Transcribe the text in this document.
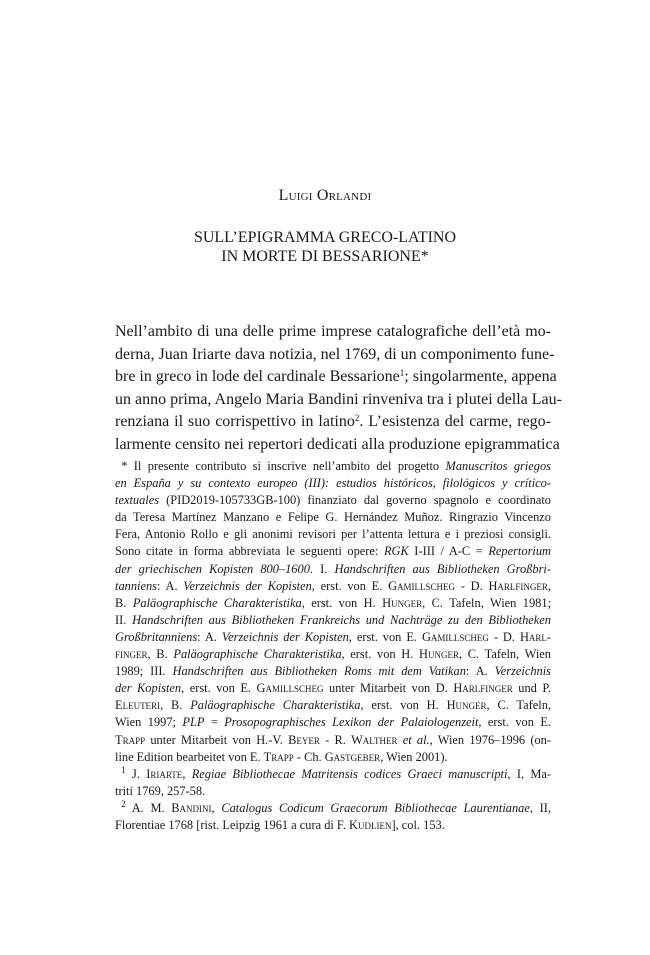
Luigi Orlandi
SULL’EPIGRAMMA GRECO-LATINO
IN MORTE DI BESSARIONE*
Nell’ambito di una delle prime imprese catalografiche dell’età mo-
derna, Juan Iriarte dava notizia, nel 1769, di un componimento fune-
bre in greco in lode del cardinale Bessarione$^1$; singolarmente, appena
un anno prima, Angelo Maria Bandini rinveniva tra i plutei della Lau-
renziana il suo corrispettivo in latino$^2$. L’esistenza del carme, rego-
larmente censito nei repertori dedicati alla produzione epigrammatica
 * Il presente contributo si inscrive nell’ambito del progetto Manuscritos griegos
en España y su contexto europeo (III): estudios históricos, filológicos y crítico-
textuales (PID2019-105733GB-100) finanziato dal governo spagnolo e coordinato
da Teresa Martínez Manzano e Felipe G. Hernández Muñoz. Ringrazio Vincenzo
Fera, Antonio Rollo e gli anonimi revisori per l’attenta lettura e i preziosi consigli.
Sono citate in forma abbreviata le seguenti opere: RGK I-III / A-C = Repertorium
der griechischen Kopisten 800–1600. I. Handschriften aus Bibliotheken Großbri-
tanniens: A. Verzeichnis der Kopisten, erst. von E. Gamillscheg - D. Harlfinger,
B. Paläographische Charakteristika, erst. von H. Hunger, C. Tafeln, Wien 1981;
II. Handschriften aus Bibliotheken Frankreichs und Nachträge zu den Bibliotheken
Großbritanniens: A. Verzeichnis der Kopisten, erst. von E. Gamillscheg - D. Harl-
finger, B. Paläographische Charakteristika, erst. von H. Hunger, C. Tafeln, Wien
1989; III. Handschriften aus Bibliotheken Roms mit dem Vatikan: A. Verzeichnis
der Kopisten, erst. von E. Gamillscheg unter Mitarbeit von D. Harlfinger und P.
Eleuteri, B. Paläographische Charakteristika, erst. von H. Hunger, C. Tafeln,
Wien 1997; PLP = Prosopographisches Lexikon der Palaiologenzeit, erst. von E.
Trapp unter Mitarbeit von H.-V. Beyer - R. Walther et al., Wien 1976–1996 (on-
line Edition bearbeitet von E. Trapp - Ch. Gastgeber, Wien 2001).
 $^1$ J. Iriarte, Regiae Bibliothecae Matritensis codices Graeci manuscripti, I, Ma-
triti 1769, 257-58.
 $^2$ A. M. Bandini, Catalogus Codicum Graecorum Bibliothecae Laurentianae, II,
Florentiae 1768 [rist. Leipzig 1961 a cura di F. Kudlien], col. 153.
